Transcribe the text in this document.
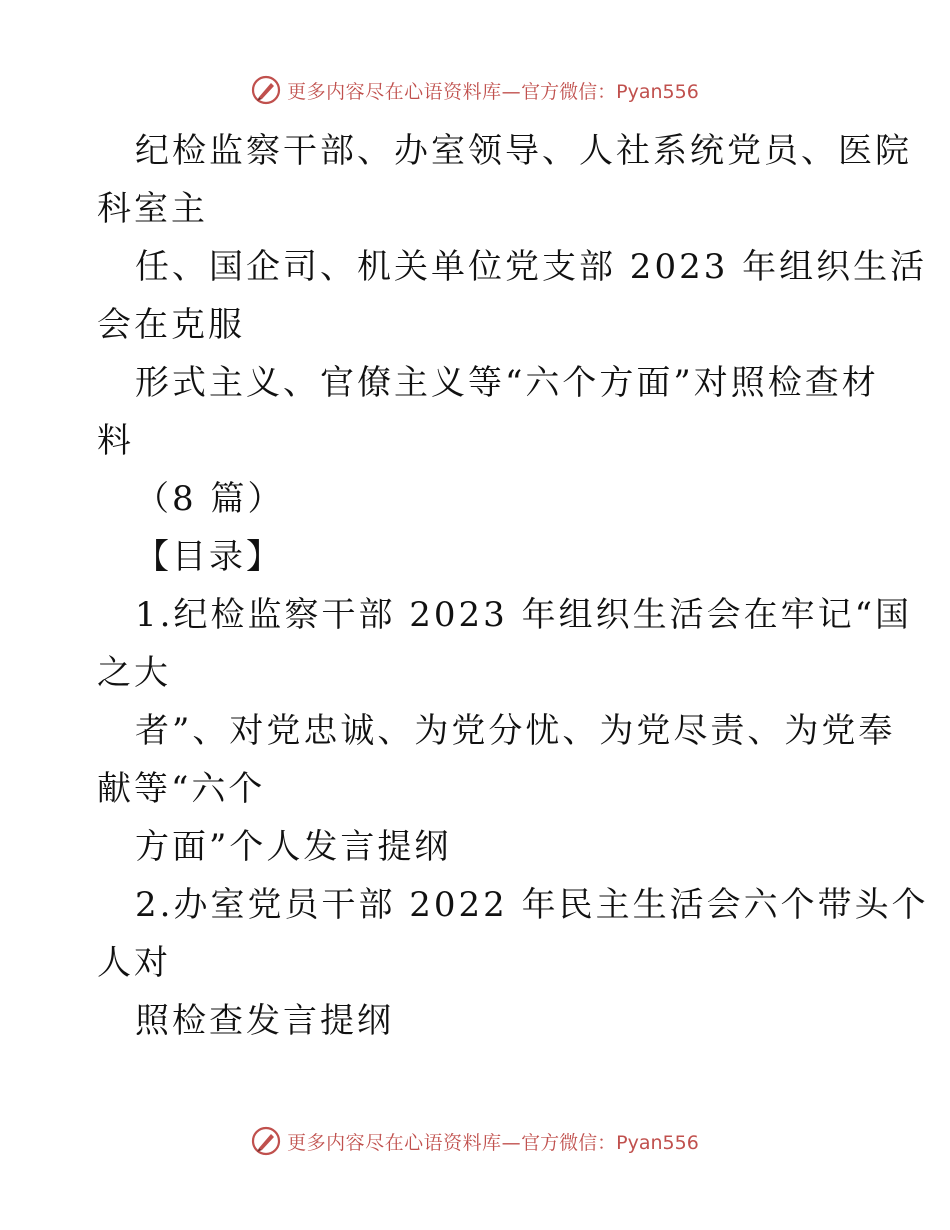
更多内容尽在心语资料库— 官方微信：Pyan556
纪检监察干部、办室领导、人社系统党员、医院
科室主
任、国企司、机关单位党支部 2023 年组织生活
会在克服
形式主义、官僚主义等“六个方面”对照检查材
料
（8 篇）
【目录】
1.纪检监察干部 2023 年组织生活会在牢记“国
之大
者”、对党忠诚、为党分忧、为党尽责、为党奉
献等“六个
方面”个人发言提纲
2.办室党员干部 2022 年民主生活会六个带头个
人对
照检查发言提纲
更多内容尽在心语资料库— 官方微信：Pyan556
